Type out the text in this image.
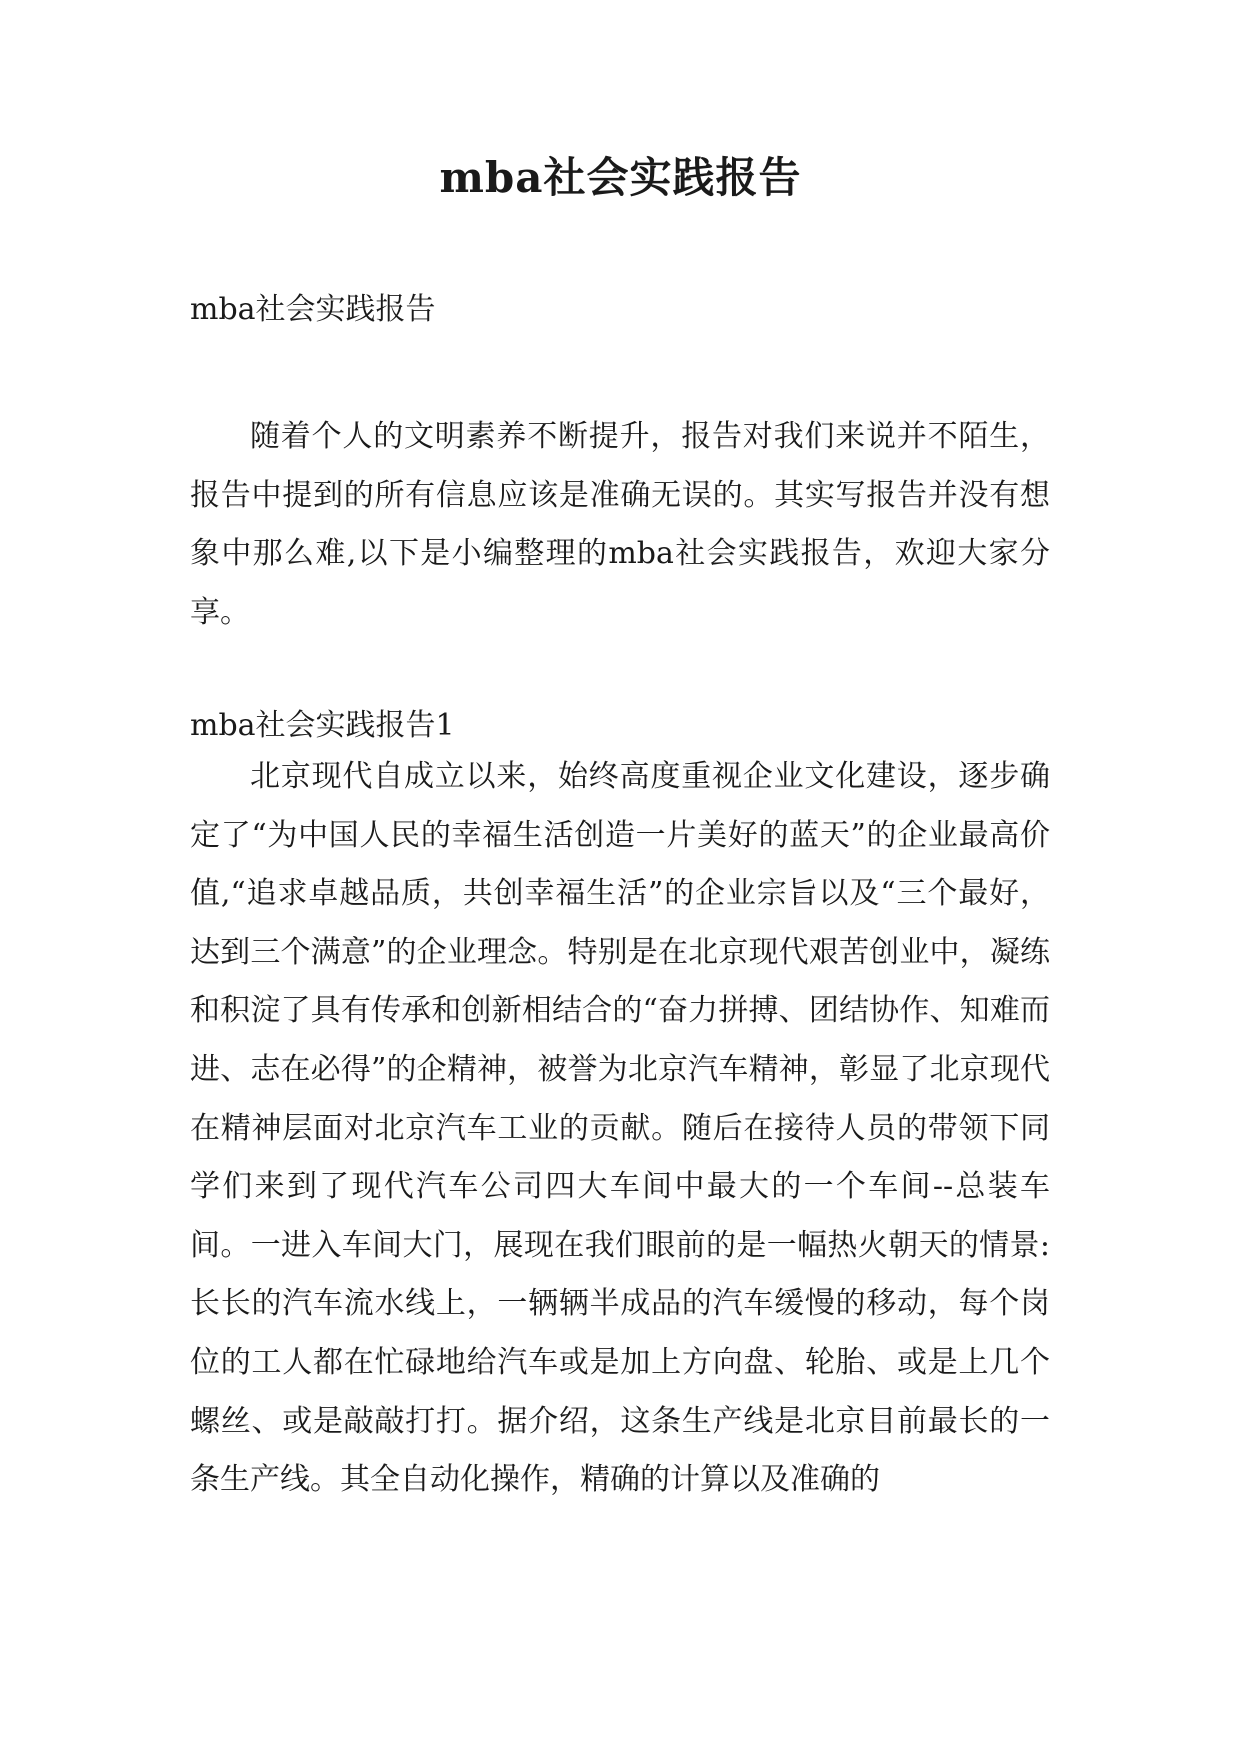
mba社会实践报告

mba社会实践报告

随着个人的文明素养不断提升，报告对我们来说并不陌生，报告中提到的所有信息应该是准确无误的。其实写报告并没有想象中那么难,以下是小编整理的mba社会实践报告，欢迎大家分享。

mba社会实践报告1

北京现代自成立以来，始终高度重视企业文化建设，逐步确定了“为中国人民的幸福生活创造一片美好的蓝天”的企业最高价值,“追求卓越品质，共创幸福生活”的企业宗旨以及“三个最好，达到三个满意”的企业理念。特别是在北京现代艰苦创业中，凝练和积淀了具有传承和创新相结合的“奋力拼搏、团结协作、知难而进、志在必得”的企精神，被誉为北京汽车精神，彰显了北京现代在精神层面对北京汽车工业的贡献。随后在接待人员的带领下同学们来到了现代汽车公司四大车间中最大的一个车间--总装车间。一进入车间大门，展现在我们眼前的是一幅热火朝天的情景:长长的汽车流水线上，一辆辆半成品的汽车缓慢的移动，每个岗位的工人都在忙碌地给汽车或是加上方向盘、轮胎、或是上几个螺丝、或是敲敲打打。据介绍，这条生产线是北京目前最长的一条生产线。其全自动化操作，精确的计算以及准确的
